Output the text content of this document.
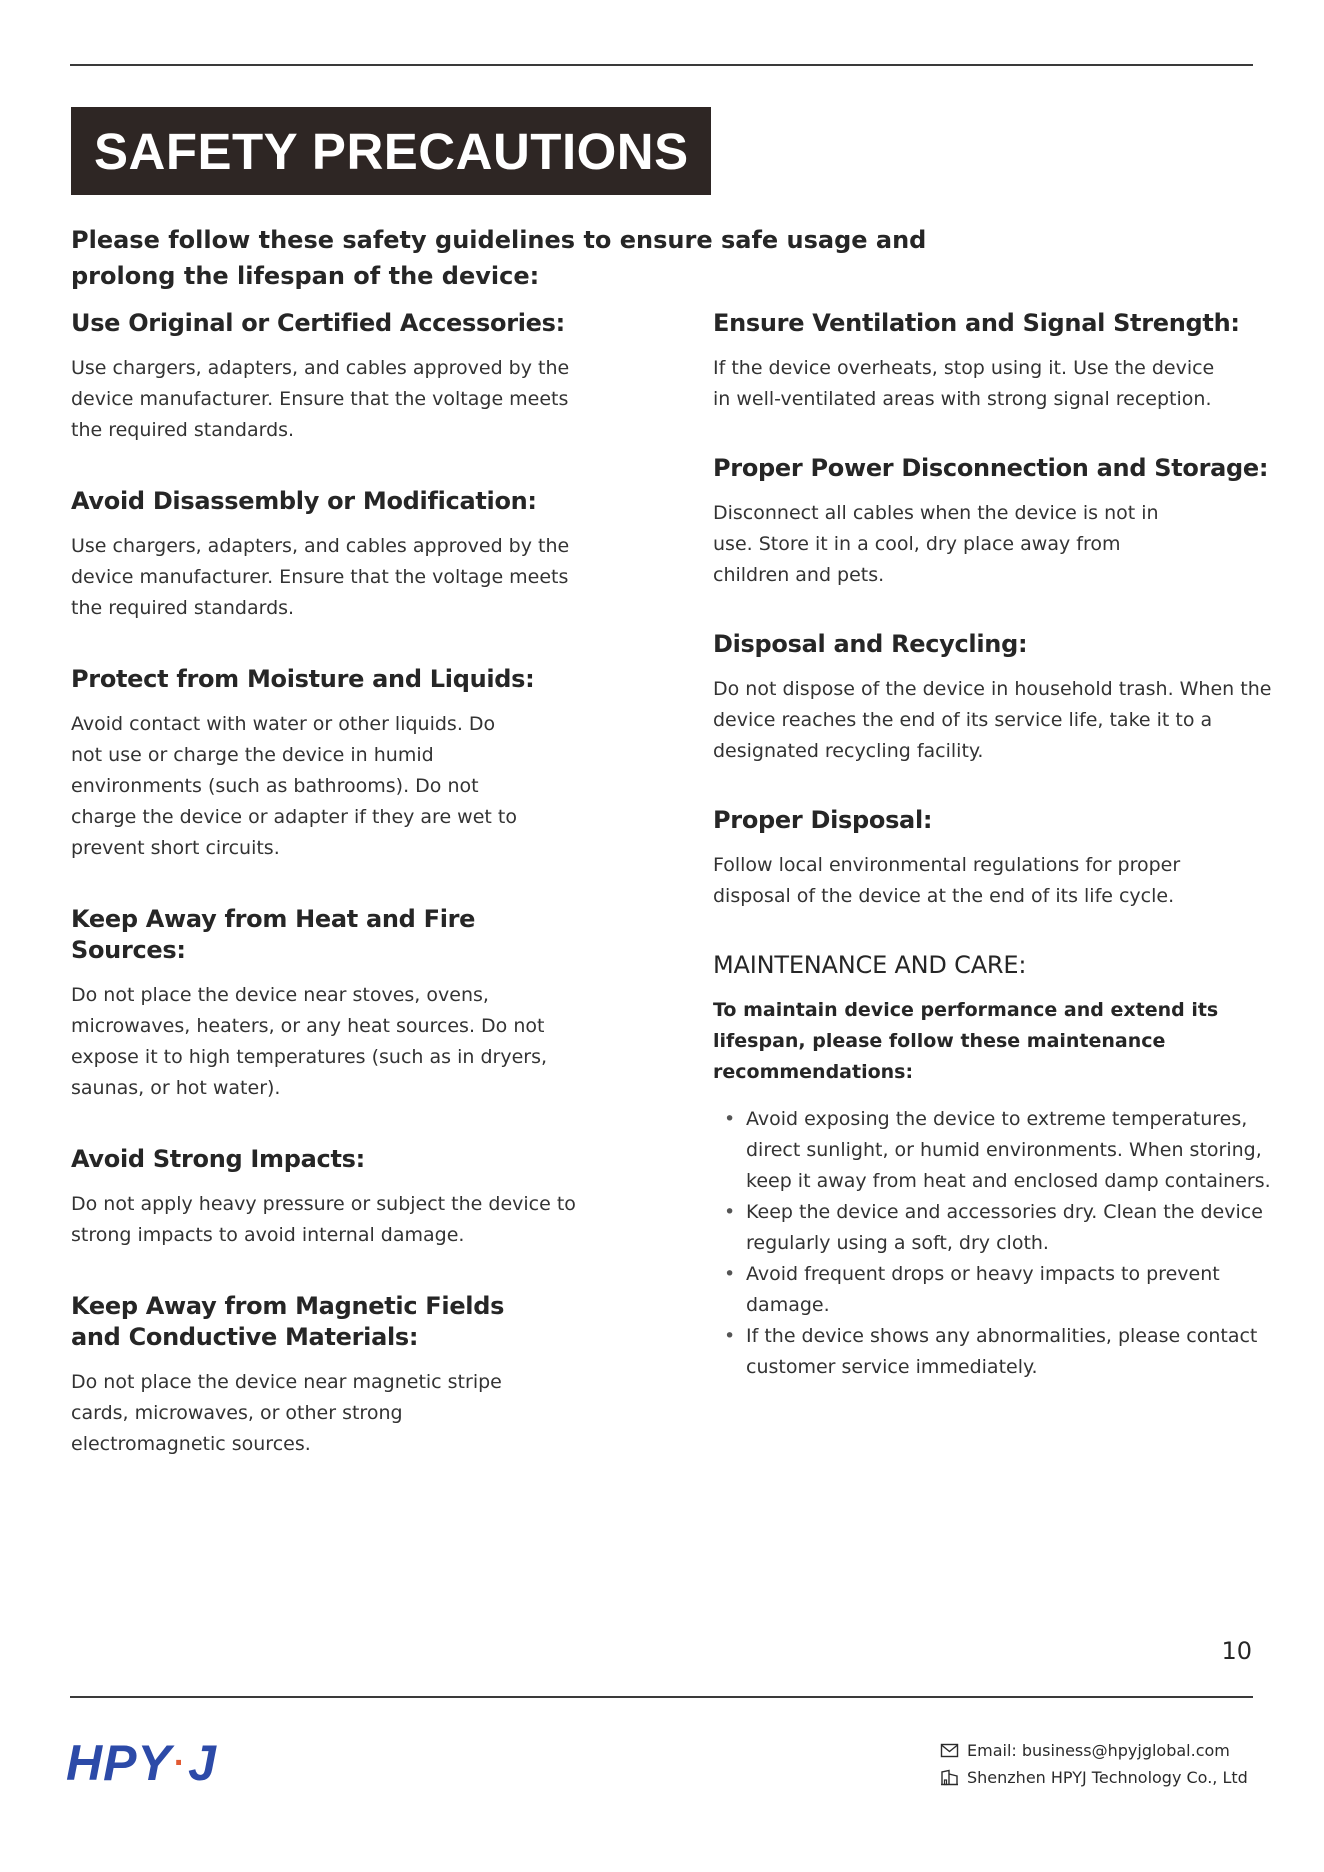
SAFETY PRECAUTIONS
Please follow these safety guidelines to ensure safe usage and prolong the lifespan of the device:
Use Original or Certified Accessories:

Use chargers, adapters, and cables approved by the device manufacturer. Ensure that the voltage meets the required standards.

Avoid Disassembly or Modification:

Use chargers, adapters, and cables approved by the device manufacturer. Ensure that the voltage meets the required standards.

Protect from Moisture and Liquids:

Avoid contact with water or other liquids. Do not use or charge the device in humid environments (such as bathrooms). Do not charge the device or adapter if they are wet to prevent short circuits.

Keep Away from Heat and Fire Sources:

Do not place the device near stoves, ovens, microwaves, heaters, or any heat sources. Do not expose it to high temperatures (such as in dryers, saunas, or hot water).

Avoid Strong Impacts:

Do not apply heavy pressure or subject the device to strong impacts to avoid internal damage.

Keep Away from Magnetic Fields and Conductive Materials:

Do not place the device near magnetic stripe cards, microwaves, or other strong electromagnetic sources.

Ensure Ventilation and Signal Strength:

If the device overheats, stop using it. Use the device in well-ventilated areas with strong signal reception.

Proper Power Disconnection and Storage:

Disconnect all cables when the device is not in use. Store it in a cool, dry place away from children and pets.

Disposal and Recycling:

Do not dispose of the device in household trash. When the device reaches the end of its service life, take it to a designated recycling facility.

Proper Disposal:

Follow local environmental regulations for proper disposal of the device at the end of its life cycle.

MAINTENANCE AND CARE:

To maintain device performance and extend its lifespan, please follow these maintenance recommendations:

• Avoid exposing the device to extreme temperatures, direct sunlight, or humid environments. When storing, keep it away from heat and enclosed damp containers.
• Keep the device and accessories dry. Clean the device regularly using a soft, dry cloth.
• Avoid frequent drops or heavy impacts to prevent damage.
• If the device shows any abnormalities, please contact customer service immediately.
10
HPY·J	Email: business@hpyjglobal.com
Shenzhen HPYJ Technology Co., Ltd
